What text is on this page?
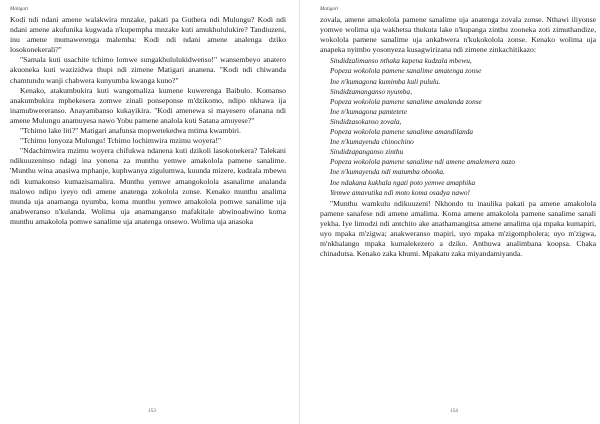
Matigari

Kodi ndi ndani amene walakwira mnzake, pakati pa Guthera ndi Mulungu? Kodi ndi ndani amene akufunika kugwada n'kupempha mnzake kuti amukhululukire? Tandiuzeni, inu amene mumawerenga malemba: Kodi ndi ndani amene analenga dziko losokonekerali?"

"Samala kuti usachite tchimo lomwe sungakhululukidwenso!" wansembeyo anatero akuoneka kuti wazizidwa thupi ndi zimene Matigari ananena. "Kodi ndi chiwanda chamtundu wanji chabwera kunyumba kwanga kuno?"

Kenako, atakumbukira kuti wangomaliza kumene kuwerenga Baibulo. Komanso anakumbukira mphekesera zomwe zinali ponseponse m'dzikomo, ndipo nkhawa ija inamubwereranso. Anayambanso kukayikira. "Kodi amenewa si mayesero ofanana ndi amene Mulungu anamuyesa nawo Yobu pamene analola kuti Satana amuyese?"

"Tchimo lake liti?" Matigari anafunsa mopwetekedwa mtima kwambiri.

"Tchimo lonyoza Mulungu! Tchimo lochimwira mzimu woyera!"

"Ndachimwira mzimu woyera chifukwa ndanena kuti dzikoli lasokonekera? Talekani ndikuuzeninso ndagi ina yonena za munthu yemwe amakolola pamene sanalime. 'Munthu wina anasiwa mphanje, kuphwanya zigulumwa, kuunda mizere, kudzala mbewu ndi kumakonso kumazisamalira. Munthu yemwe amangokolola asanalime analanda malowo ndipo iyeyo ndi amene anatenga zokolola zonse. Kenako munthu analima munda uja anamanga nyumba, koma munthu yemwe amakolola pomwe sanalime uja anabweranso n'kulanda. Wolima uja anamanganso mafakitale abwinoabwino koma munthu amakolola pomwe sanalime uja anatenga onsewo. Wolima uja anasoka

153
Matigari

zovala, amene amakolola pamene sanalime uja anatenga zovala zonse. Nthawi iliyonse yomwe wolima uja wakhetsa thukuta lake n'kupanga zinthu zooneka zoti zimuthandize, wokolola pamene sanalime uja ankabwera n'kukokolola zonse. Kenako wolima uja anapeka nyimbo yosonyeza kusagwirizana ndi zimene zinkachitikazo:

Sindidzalimanso nthaka kapena kudzala mbewu,
Popeza wokolola pamene sanalime amatenga zonse
Ine n'kumagona kumimba kuli pululu.
Sindidzamanganso nyumba,
Popeza wokolola pamene sanalime amalanda zonse
Ine n'kumagona pamtetete
Sindidzasokanso zovala,
Popeza wokolola pamene sanalime amandilanda
Ine n'kumayenda chinochino
Sindidzapanganso zinthu
Popeza wokolola pamene sanalime ndi amene amalemera nazo
Ine n'kumayenda ndi matumba obooka.
Ine ndakana kukhala ngati poto yemwe amaphika
Yemwe amavutika ndi moto koma osadya nawo!

"Munthu wamkulu ndikuuzeni! Nkhondo tu inaulika pakati pa amene amakolola pamene sanafese ndi amene amalima. Koma amene amakolola pamene sanalime sanali yekha. Iye limodzi ndi antchito ake anathamangitsa amene amalima uja mpaka kumapiri, uyo mpaka m'zigwa; anakweranso mapiri, uyo mpaka m'zigompholera; uyo m'zigwa, m'nkhalango mpaka kumalekezero a dziko. Anthuwa analimbana koopsa. Chaka chinadutsa. Kenako zaka khumi. Mpakatu zaka miyandamiyanda.

154
